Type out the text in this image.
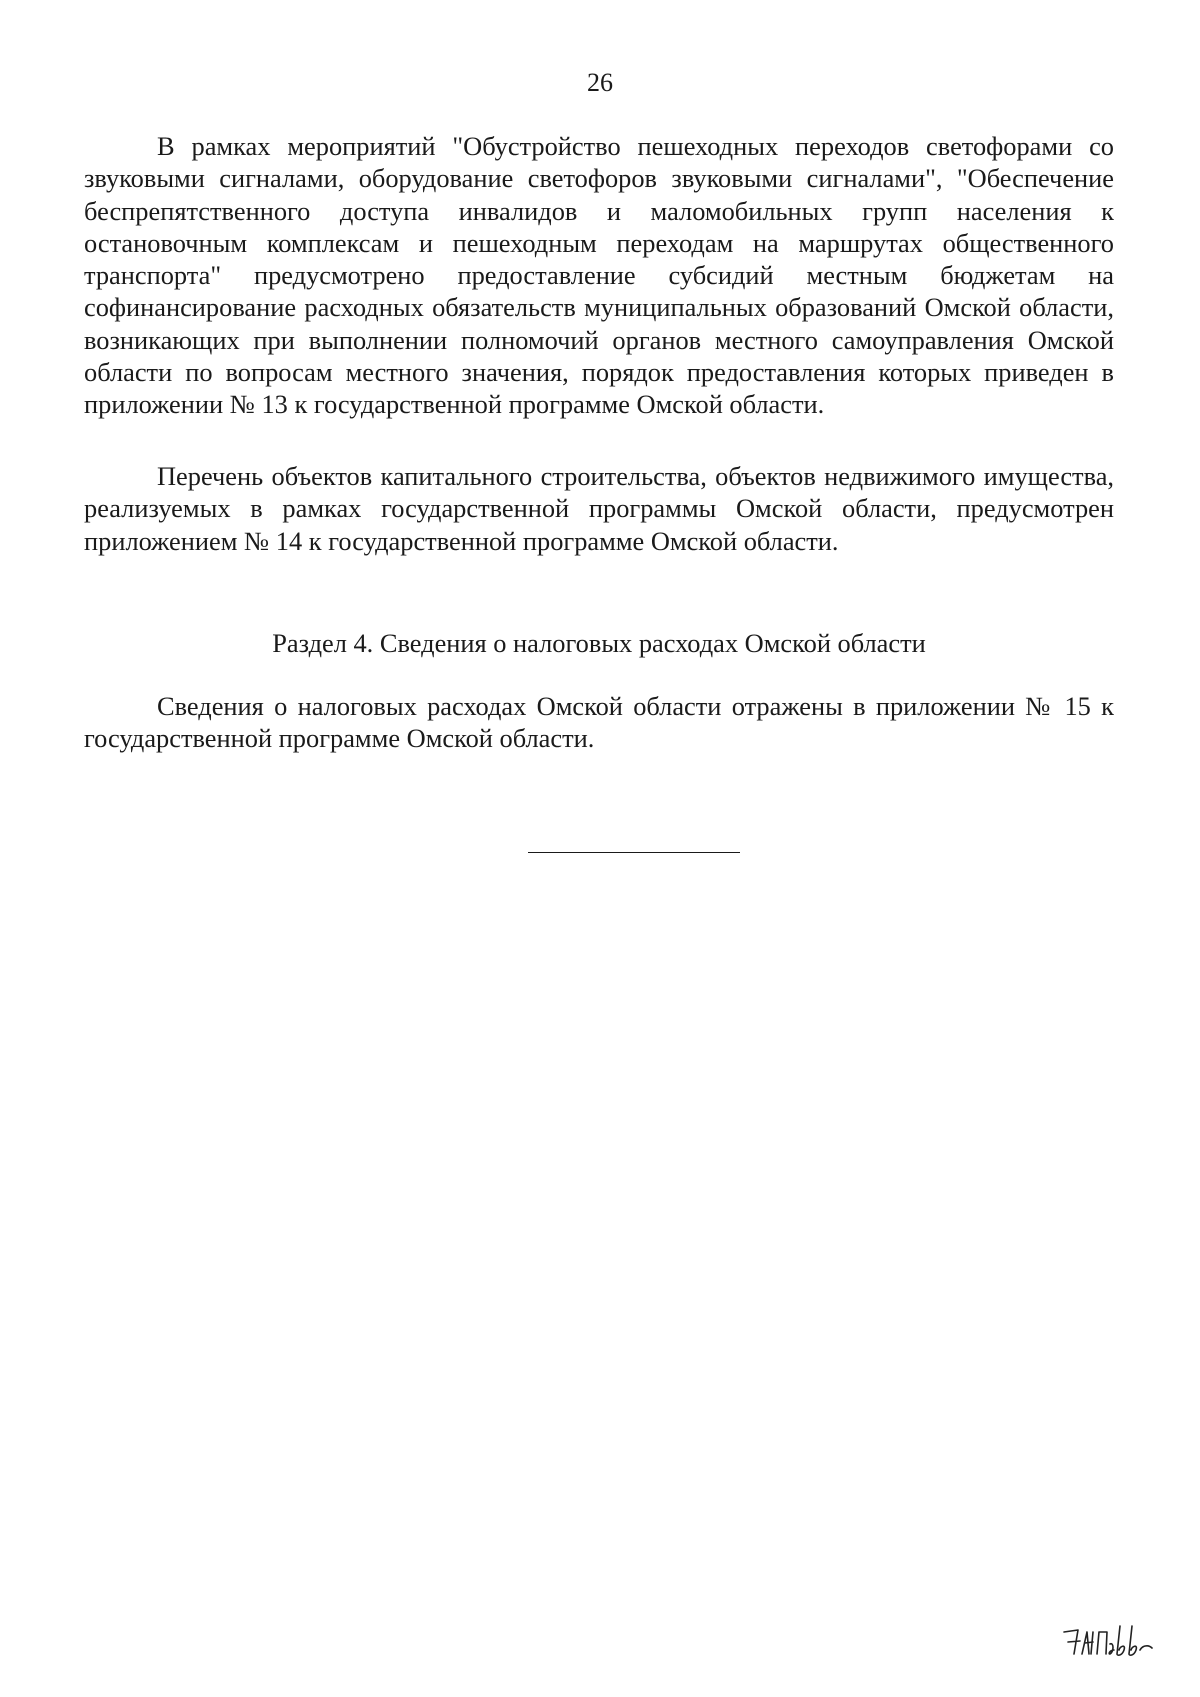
26

В рамках мероприятий "Обустройство пешеходных переходов светофорами со звуковыми сигналами, оборудование светофоров звуковыми сигналами", "Обеспечение беспрепятственного доступа инвалидов и маломобильных групп населения к остановочным комплексам и пешеходным переходам на маршрутах общественного транспорта" предусмотрено предоставление субсидий местным бюджетам на софинансирование расходных обязательств муниципальных образований Омской области, возникающих при выполнении полномочий органов местного самоуправления Омской области по вопросам местного значения, порядок предоставления которых приведен в приложении № 13 к государственной программе Омской области.

Перечень объектов капитального строительства, объектов недвижимого имущества, реализуемых в рамках государственной программы Омской области, предусмотрен приложением № 14 к государственной программе Омской области.

Раздел 4. Сведения о налоговых расходах Омской области

Сведения о налоговых расходах Омской области отражены в приложении № 15 к государственной программе Омской области.
